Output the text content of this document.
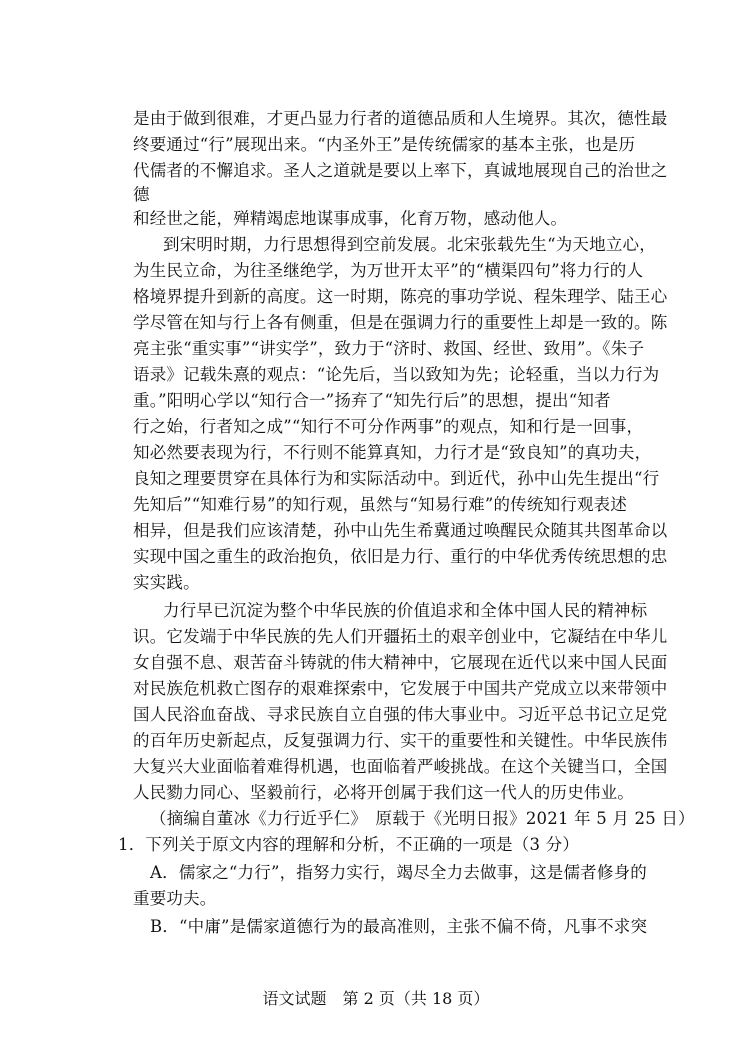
是由于做到很难，才更凸显力行者的道德品质和人生境界。其次，德性最
终要通过“行”展现出来。“内圣外王”是传统儒家的基本主张，也是历
代儒者的不懈追求。圣人之道就是要以上率下，真诚地展现自己的治世之
德
和经世之能，殚精竭虑地谋事成事，化育万物，感动他人。
到宋明时期，力行思想得到空前发展。北宋张载先生“为天地立心，
为生民立命，为往圣继绝学，为万世开太平”的“横渠四句”将力行的人
格境界提升到新的高度。这一时期，陈亮的事功学说、程朱理学、陆王心
学尽管在知与行上各有侧重，但是在强调力行的重要性上却是一致的。陈
亮主张“重实事”“讲实学”，致力于“济时、救国、经世、致用”。《朱子
语录》记载朱熹的观点：“论先后，当以致知为先；论轻重，当以力行为
重。”阳明心学以“知行合一”扬弃了“知先行后”的思想，提出“知者
行之始，行者知之成”“知行不可分作两事”的观点，知和行是一回事，
知必然要表现为行，不行则不能算真知，力行才是“致良知”的真功夫，
良知之理要贯穿在具体行为和实际活动中。到近代，孙中山先生提出“行
先知后”“知难行易”的知行观，虽然与“知易行难”的传统知行观表述
相异，但是我们应该清楚，孙中山先生希冀通过唤醒民众随其共图革命以
实现中国之重生的政治抱负，依旧是力行、重行的中华优秀传统思想的忠
实实践。
力行早已沉淀为整个中华民族的价值追求和全体中国人民的精神标
识。它发端于中华民族的先人们开疆拓土的艰辛创业中，它凝结在中华儿
女自强不息、艰苦奋斗铸就的伟大精神中，它展现在近代以来中国人民面
对民族危机救亡图存的艰难探索中，它发展于中国共产党成立以来带领中
国人民浴血奋战、寻求民族自立自强的伟大事业中。习近平总书记立足党
的百年历史新起点，反复强调力行、实干的重要性和关键性。中华民族伟
大复兴大业面临着难得机遇，也面临着严峻挑战。在这个关键当口，全国
人民勠力同心、坚毅前行，必将开创属于我们这一代人的历史伟业。
（摘编自董冰《力行近乎仁》　原载于《光明日报》2021 年 5 月 25 日）
1．下列关于原文内容的理解和分析，不正确的一项是（3 分）
A．儒家之“力行”，指努力实行，竭尽全力去做事，这是儒者修身的
重要功夫。
B．“中庸”是儒家道德行为的最高准则，主张不偏不倚，凡事不求突
语文试题　第 2 页（共 18 页）
